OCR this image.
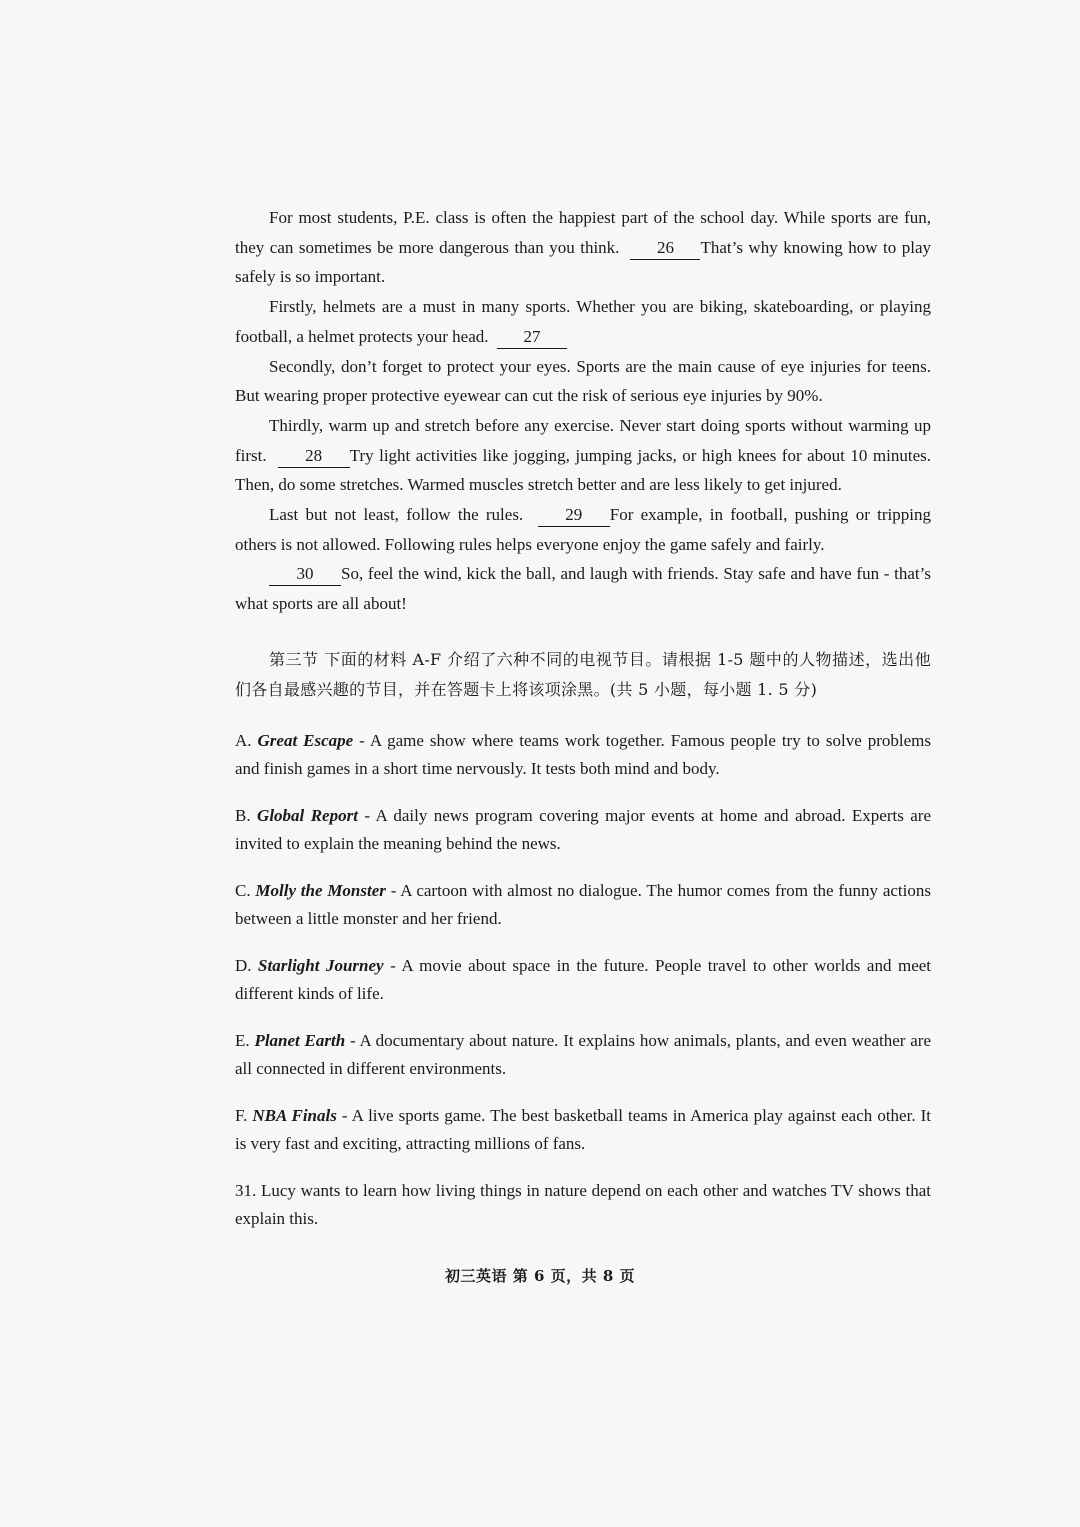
For most students, P.E. class is often the happiest part of the school day. While sports are fun, they can sometimes be more dangerous than you think. 26 That’s why knowing how to play safely is so important.

Firstly, helmets are a must in many sports. Whether you are biking, skateboarding, or playing football, a helmet protects your head. 27

Secondly, don’t forget to protect your eyes. Sports are the main cause of eye injuries for teens. But wearing proper protective eyewear can cut the risk of serious eye injuries by 90%.

Thirdly, warm up and stretch before any exercise. Never start doing sports without warming up first. 28 Try light activities like jogging, jumping jacks, or high knees for about 10 minutes. Then, do some stretches. Warmed muscles stretch better and are less likely to get injured.

Last but not least, follow the rules. 29 For example, in football, pushing or tripping others is not allowed. Following rules helps everyone enjoy the game safely and fairly.

30 So, feel the wind, kick the ball, and laugh with friends. Stay safe and have fun - that’s what sports are all about!

第三节 下面的材料 A-F 介绍了六种不同的电视节目。请根据 1-5 题中的人物描述，选出他们各自最感兴趣的节目，并在答题卡上将该项涂黑。(共 5 小题，每小题 1. 5 分)

A. Great Escape - A game show where teams work together. Famous people try to solve problems and finish games in a short time nervously. It tests both mind and body.

B. Global Report - A daily news program covering major events at home and abroad. Experts are invited to explain the meaning behind the news.

C. Molly the Monster - A cartoon with almost no dialogue. The humor comes from the funny actions between a little monster and her friend.

D. Starlight Journey - A movie about space in the future. People travel to other worlds and meet different kinds of life.

E. Planet Earth - A documentary about nature. It explains how animals, plants, and even weather are all connected in different environments.

F. NBA Finals - A live sports game. The best basketball teams in America play against each other. It is very fast and exciting, attracting millions of fans.

31. Lucy wants to learn how living things in nature depend on each other and watches TV shows that explain this.

初三英语 第 6 页，共 8 页
